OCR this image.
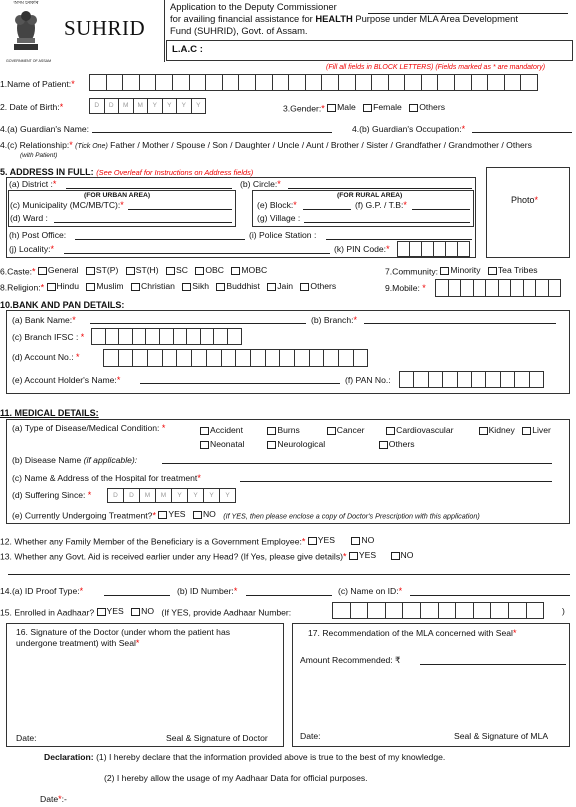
অসম চৰকাৰ
GOVERNMENT OF ASSAM
SUHRID
Application to the Deputy Commissioner
for availing financial assistance for HEALTH Purpose under MLA Area Development
Fund (SUHRID), Govt. of Assam.
L.A.C :
(Fill all fields in BLOCK LETTERS) (Fields marked as * are mandatory)
1.Name of Patient:*
2. Date of Birth:*	D	D	M	M	Y	Y	Y	Y	3.Gender:* Male
Female
Others
4.(a) Guardian's Name:	4.(b) Guardian's Occupation:*
4.(c) Relationship:* (Tick One) Father / Mother / Spouse / Son / Daughter / Uncle / Aunt / Brother / Sister / Grandfather / Grandmother / Others
(with Patient)
5. ADDRESS IN FULL: (See Overleaf for Instructions on Address fields)
(a) District :*	(b) Circle:*
(FOR URBAN AREA)
(c) Municipality (MC/MB/TC):*
(d) Ward :
(FOR RURAL AREA)
(e) Block:*	(f) G.P. / T.B:*
(g) Village :
(h) Post Office:	(i) Police Station :
(j) Locality:*	(k) PIN Code:*
Photo*
6.Caste:* General
ST(P)
ST(H)
SC
OBC
MOBC	7.Community: Minority
Tea Tribes
8.Religion:* Hindu
Muslim
Christian
Sikh
Buddhist
Jain
Others	9.Mobile: *
10.BANK AND PAN DETAILS:
(a) Bank Name:*	(b) Branch:*
(c) Branch IFSC : *
(d) Account No.: *
(e) Account Holder's Name:*	(f) PAN No.:
11. MEDICAL DETAILS:
(a) Type of Disease/Medical Condition: *	Accident
	Burns
	Cancer
	Cardiovascular
	Kidney
Liver
Neonatal
	Neurological
	Others
(b) Disease Name (if applicable):
(c) Name & Address of the Hospital for treatment*
(d) Suffering Since: *	D	D	M	M	Y	Y	Y	Y
(e) Currently Undergoing Treatment?* YES
NO (If YES, then please enclose a copy of Doctor's Prescription with this application)
12. Whether any Family Member of the Beneficiary is a Government Employee:* YES
	NO
13. Whether any Govt. Aid is received earlier under any Head? (If Yes, please give details)* YES
	NO
14.(a) ID Proof Type:*	(b) ID Number:*	(c) Name on ID:*
15. Enrolled in Aadhaar? YES
NO (If YES, provide Aadhaar Number:	)
16. Signature of the Doctor (under whom the patient has
undergone treatment) with Seal*
Date:	Seal & Signature of Doctor
17. Recommendation of the MLA concerned with Seal*
Amount Recommended: ₹
Date:	Seal & Signature of MLA
Declaration: (1) I hereby declare that the information provided above is true to the best of my knowledge.
(2) I hereby allow the usage of my Aadhaar Data for official purposes.
Date*:-
